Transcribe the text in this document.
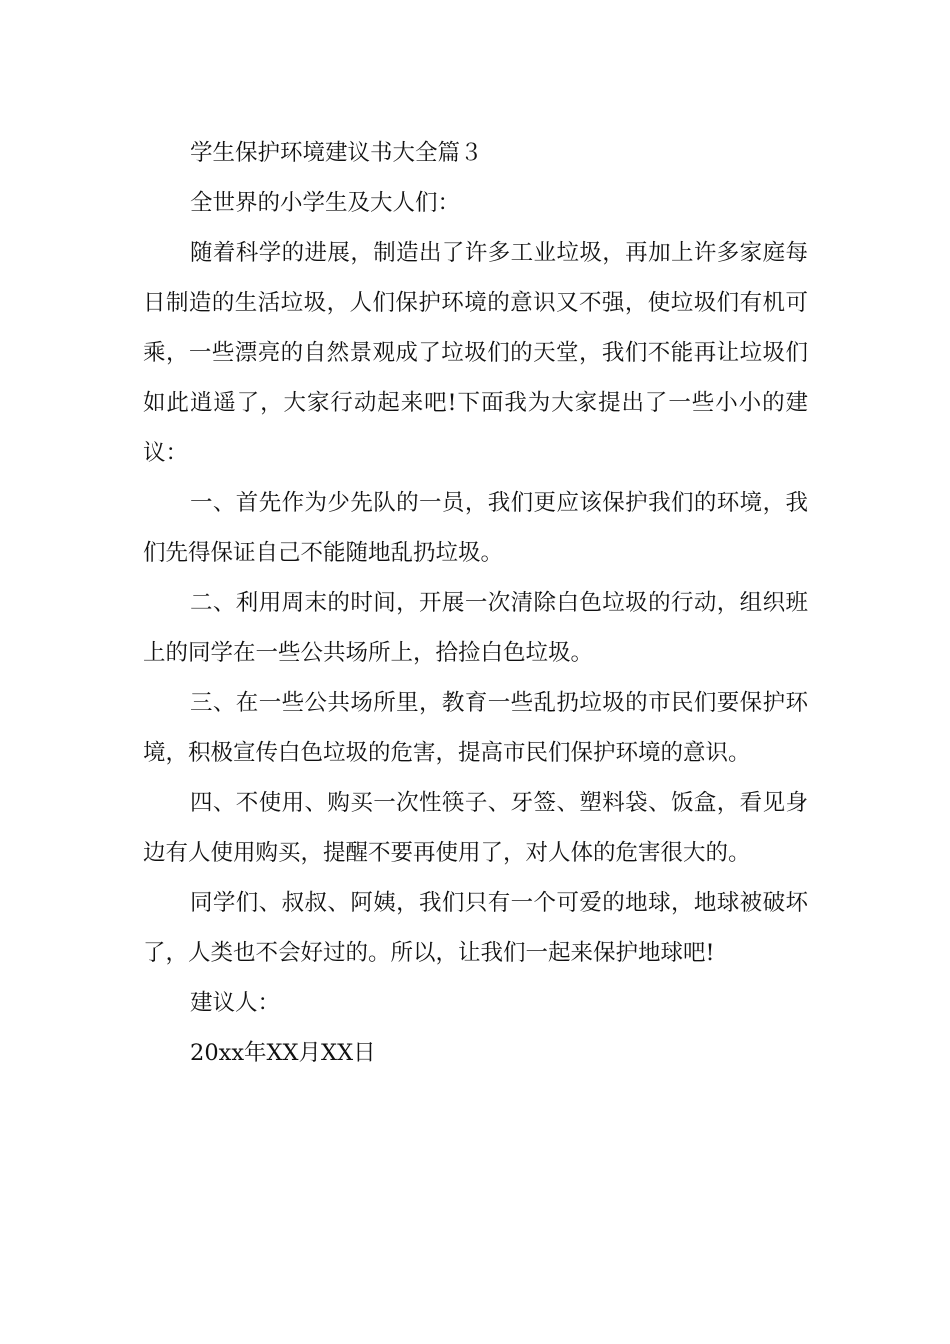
学生保护环境建议书大全篇３

全世界的小学生及大人们：

随着科学的进展，制造出了许多工业垃圾，再加上许多家庭每日制造的生活垃圾，人们保护环境的意识又不强，使垃圾们有机可乘，一些漂亮的自然景观成了垃圾们的天堂，我们不能再让垃圾们如此逍遥了，大家行动起来吧!下面我为大家提出了一些小小的建议：

一、首先作为少先队的一员，我们更应该保护我们的环境，我们先得保证自己不能随地乱扔垃圾。

二、利用周末的时间，开展一次清除白色垃圾的行动，组织班上的同学在一些公共场所上，拾捡白色垃圾。

三、在一些公共场所里，教育一些乱扔垃圾的市民们要保护环境，积极宣传白色垃圾的危害，提高市民们保护环境的意识。

四、不使用、购买一次性筷子、牙签、塑料袋、饭盒，看见身边有人使用购买，提醒不要再使用了，对人体的危害很大的。

同学们、叔叔、阿姨，我们只有一个可爱的地球，地球被破坏了，人类也不会好过的。所以，让我们一起来保护地球吧!

建议人：

20xx年XX月XX日
